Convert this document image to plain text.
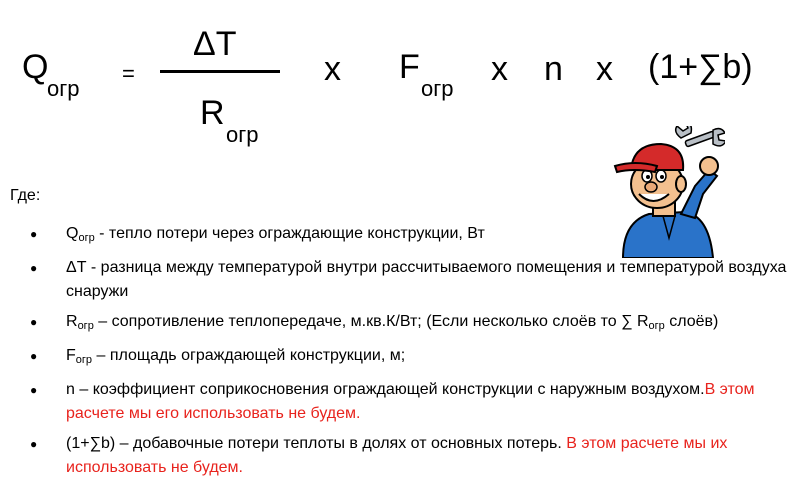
Q
огр
=
ΔT
R
огр
x F
огр
x n x (1+∑b)
Где:
● Qогр - тепло потери через ограждающие конструкции, Вт
● ΔТ - разница между температурой внутри рассчитываемого помещения и температурой воздуха снаружи
● Rогр – сопротивление теплопередаче, м.кв.К/Вт; (Если несколько слоёв то ∑ Rогр слоёв)
● Fогр – площадь ограждающей конструкции, м;
● n – коэффициент соприкосновения ограждающей конструкции с наружным воздухом.В этом расчете мы его использовать не будем.
● (1+∑b) – добавочные потери теплоты в долях от основных потерь. В этом расчете мы их использовать не будем.
